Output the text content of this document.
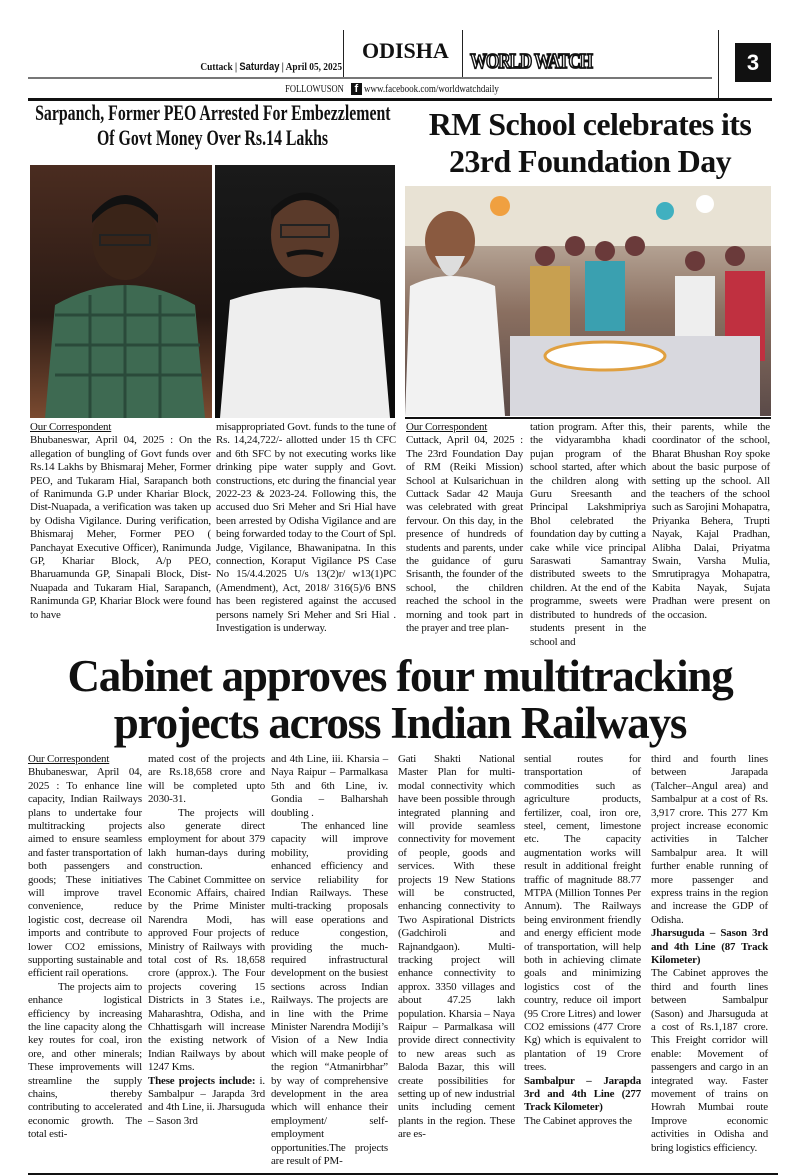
Cuttack | Saturday | April 05, 2025
ODISHA WORLD WATCH	3
FOLLOWUSON f www.facebook.com/worldwatchdaily
Sarpanch, Former PEO Arrested For Embezzlement
Of Govt Money Over Rs.14 Lakhs	RM School celebrates its
23rd Foundation Day

Our Correspondent

Bhubaneswar, April 04, 2025 : On the allegation of bungling of Govt funds over Rs.14 Lakhs by Bhismaraj Meher, Former PEO, and Tukaram Hial, Sarapanch both of Ranimunda G.P under Khariar Block, Dist-Nuapada, a verification was taken up by Odisha Vigilance. During verification, Bhismaraj Meher, Former PEO ( Panchayat Executive Officer), Ranimunda GP, Khariar Block, A/p PEO, Bharuamunda GP, Sinapali Block, Dist- Nuapada and Tukaram Hial, Sarapanch, Ranimunda GP, Khariar Block were found to have

misappropriated Govt. funds to the tune of Rs. 14,24,722/- allotted under 15 th CFC and 6th SFC by not executing works like drinking pipe water supply and Govt. constructions, etc during the financial year 2022-23 & 2023-24. Following this, the accused duo Sri Meher and Sri Hial have been arrested by Odisha Vigilance and are being forwarded today to the Court of Spl. Judge, Vigilance, Bhawanipatna. In this connection, Koraput Vigilance PS Case No 15/4.4.2025 U/s 13(2)r/ w13(1)PC (Amendment), Act, 2018/ 316(5)/6 BNS has been registered against the accused persons namely Sri Meher and Sri Hial . Investigation is underway.

Our Correspondent

Cuttack, April 04, 2025 : The 23rd Foundation Day of RM (Reiki Mission) School at Kulsarichuan in Cuttack Sadar 42 Mauja was celebrated with great fervour. On this day, in the presence of hundreds of students and parents, under the guidance of guru Srisanth, the founder of the school, the children reached the school in the morning and took part in the prayer and tree plan-

tation program. After this, the vidyarambha khadi pujan program of the school started, after which the children along with Guru Sreesanth and Principal Lakshmipriya Bhol celebrated the foundation day by cutting a cake while vice principal Saraswati Samantray distributed sweets to the children. At the end of the programme, sweets were distributed to hundreds of students present in the school and

their parents, while the coordinator of the school, Bharat Bhushan Roy spoke about the basic purpose of setting up the school. All the teachers of the school such as Sarojini Mohapatra, Priyanka Behera, Trupti Nayak, Kajal Pradhan, Alibha Dalai, Priyatma Swain, Varsha Mulia, Smrutipragya Mohapatra, Kabita Nayak, Sujata Pradhan were present on the occasion.

Cabinet approves four multitracking
projects across Indian Railways

Our Correspondent

Bhubaneswar, April 04, 2025 : To enhance line capacity, Indian Railways plans to undertake four multitracking projects aimed to ensure seamless and faster transportation of both passengers and goods; These initiatives will improve travel convenience, reduce logistic cost, decrease oil imports and contribute to lower CO2 emissions, supporting sustainable and efficient rail operations.

The projects aim to enhance logistical efficiency by increasing the line capacity along the key routes for coal, iron ore, and other minerals; These improvements will streamline the supply chains, thereby contributing to accelerated economic growth. The total esti-

mated cost of the projects are Rs.18,658 crore and will be completed upto 2030-31.

The projects will also generate direct employment for about 379 lakh human-days during construction.

The Cabinet Committee on Economic Affairs, chaired by the Prime Minister Narendra Modi, has approved Four projects of Ministry of Railways with total cost of Rs. 18,658 crore (approx.). The Four projects covering 15 Districts in 3 States i.e., Maharashtra, Odisha, and Chhattisgarh will increase the existing network of Indian Railways by about 1247 Kms.

These projects include: i. Sambalpur – Jarapda 3rd and 4th Line, ii. Jharsuguda – Sason 3rd

and 4th Line, iii. Kharsia – Naya Raipur – Parmalkasa 5th and 6th Line, iv. Gondia – Balharshah doubling .

The enhanced line capacity will improve mobility, providing enhanced efficiency and service reliability for Indian Railways. These multi-tracking proposals will ease operations and reduce congestion, providing the much-required infrastructural development on the busiest sections across Indian Railways. The projects are in line with the Prime Minister Narendra Modiji’s Vision of a New India which will make people of the region “Atmanirbhar” by way of comprehensive development in the area which will enhance their employment/ self-employment opportunities.The projects are result of PM-

Gati Shakti National Master Plan for multi-modal connectivity which have been possible through integrated planning and will provide seamless connectivity for movement of people, goods and services. With these projects 19 New Stations will be constructed, enhancing connectivity to Two Aspirational Districts (Gadchiroli and Rajnandgaon). Multi-tracking project will enhance connectivity to approx. 3350 villages and about 47.25 lakh population. Kharsia – Naya Raipur – Parmalkasa will provide direct connectivity to new areas such as Baloda Bazar, this will create possibilities for setting up of new industrial units including cement plants in the region. These are es-

sential routes for transportation of commodities such as agriculture products, fertilizer, coal, iron ore, steel, cement, limestone etc. The capacity augmentation works will result in additional freight traffic of magnitude 88.77 MTPA (Million Tonnes Per Annum). The Railways being environment friendly and energy efficient mode of transportation, will help both in achieving climate goals and minimizing logistics cost of the country, reduce oil import (95 Crore Litres) and lower CO2 emissions (477 Crore Kg) which is equivalent to plantation of 19 Crore trees.

Sambalpur – Jarapda 3rd and 4th Line (277 Track Kilometer)

The Cabinet approves the

third and fourth lines between Jarapada (Talcher–Angul area) and Sambalpur at a cost of Rs. 3,917 crore. This 277 Km project increase economic activities in Talcher Sambalpur area. It will further enable running of more passenger and express trains in the region and increase the GDP of Odisha.

Jharsuguda – Sason 3rd and 4th Line (87 Track Kilometer)

The Cabinet approves the third and fourth lines between Sambalpur (Sason) and Jharsuguda at a cost of Rs.1,187 crore. This Freight corridor will enable: Movement of passengers and cargo in an integrated way. Faster movement of trains on Howrah Mumbai route Improve economic activities in Odisha and bring logistics efficiency.
